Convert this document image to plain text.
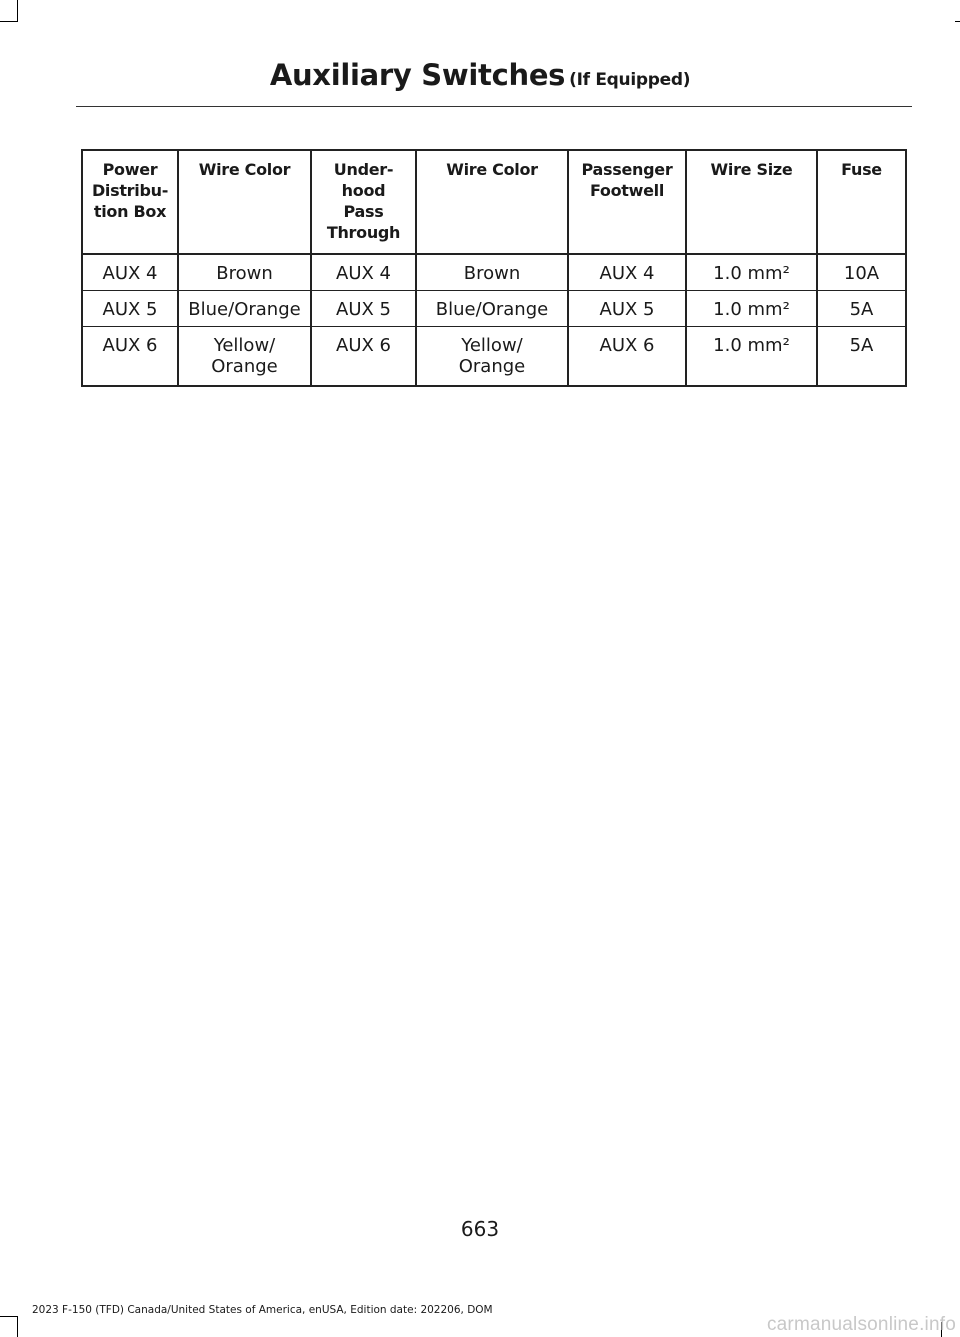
Auxiliary Switches (If Equipped)
Power
Distribu-
tion Box	Wire Color	Under-
hood
Pass
Through	Wire Color	Passenger
Footwell	Wire Size	Fuse
AUX 4	Brown	AUX 4	Brown	AUX 4	1.0 mm²	10A
AUX 5	Blue/Orange	AUX 5	Blue/Orange	AUX 5	1.0 mm²	5A
AUX 6	Yellow/
Orange	AUX 6	Yellow/
Orange	AUX 6	1.0 mm²	5A
663
2023 F-150 (TFD) Canada/United States of America, enUSA, Edition date: 202206, DOM
carmanualsonline.info
